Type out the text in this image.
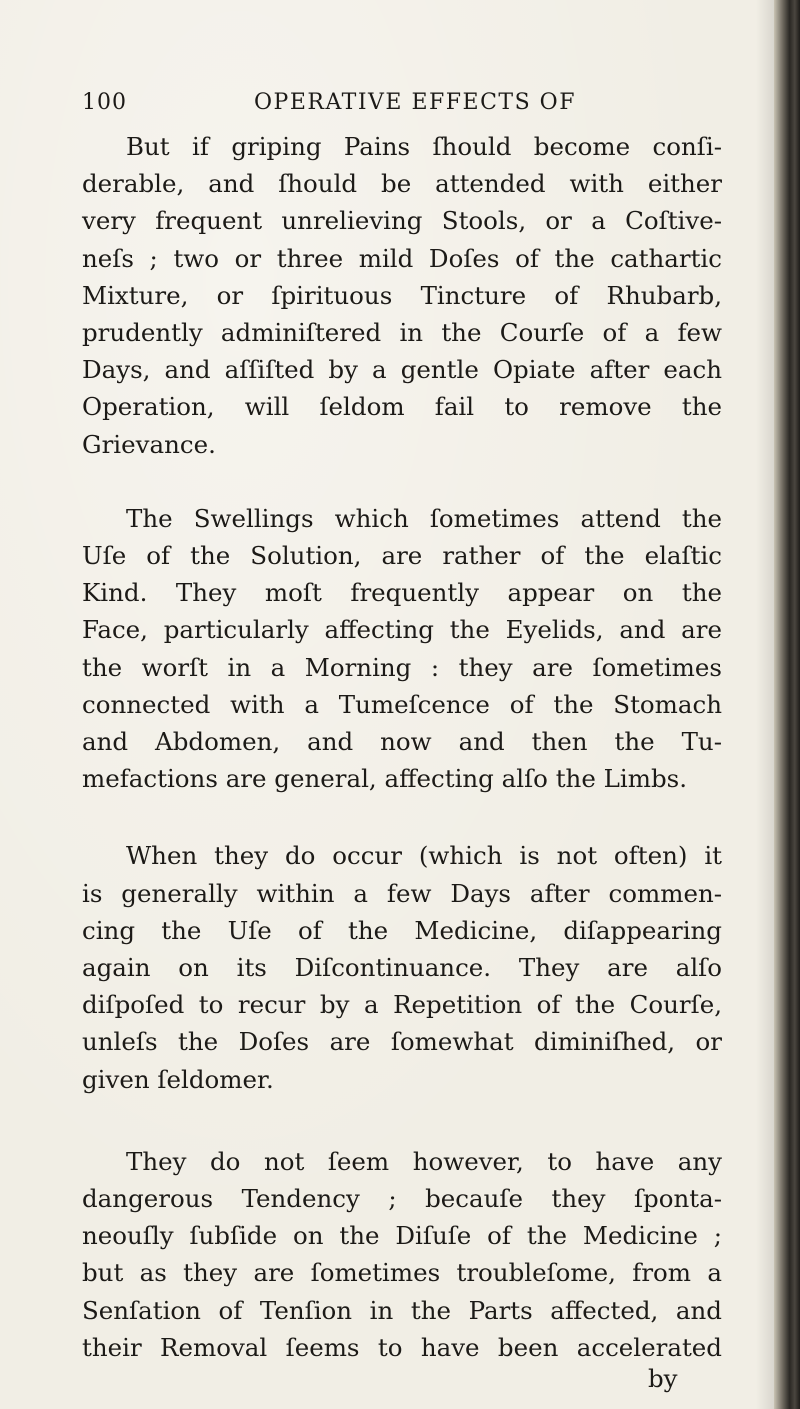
100	OPERATIVE EFFECTS OF

But if griping Pains ſhould become conſi-
derable, and ſhould be attended with either
very frequent unrelieving Stools, or a Coſtive-
neſs ; two or three mild Doſes of the cathartic
Mixture, or ſpirituous Tincture of Rhubarb,
prudently adminiſtered in the Courſe of a few
Days, and aſſiſted by a gentle Opiate after each
Operation, will ſeldom fail to remove the
Grievance.

The Swellings which ſometimes attend the
Uſe of the Solution, are rather of the elaſtic
Kind. They moſt frequently appear on the
Face, particularly affecting the Eyelids, and are
the worſt in a Morning : they are ſometimes
connected with a Tumeſcence of the Stomach
and Abdomen, and now and then the Tu-
mefactions are general, affecting alſo the Limbs.

When they do occur (which is not often) it
is generally within a few Days after commen-
cing the Uſe of the Medicine, diſappearing
again on its Diſcontinuance. They are alſo
diſpoſed to recur by a Repetition of the Courſe,
unleſs the Doſes are ſomewhat diminiſhed, or
given ſeldomer.

They do not ſeem however, to have any
dangerous Tendency ; becauſe they ſponta-
neouſly ſubſide on the Diſuſe of the Medicine ;
but as they are ſometimes troubleſome, from a
Senſation of Tenſion in the Parts affected, and
their Removal ſeems to have been accelerated

by
